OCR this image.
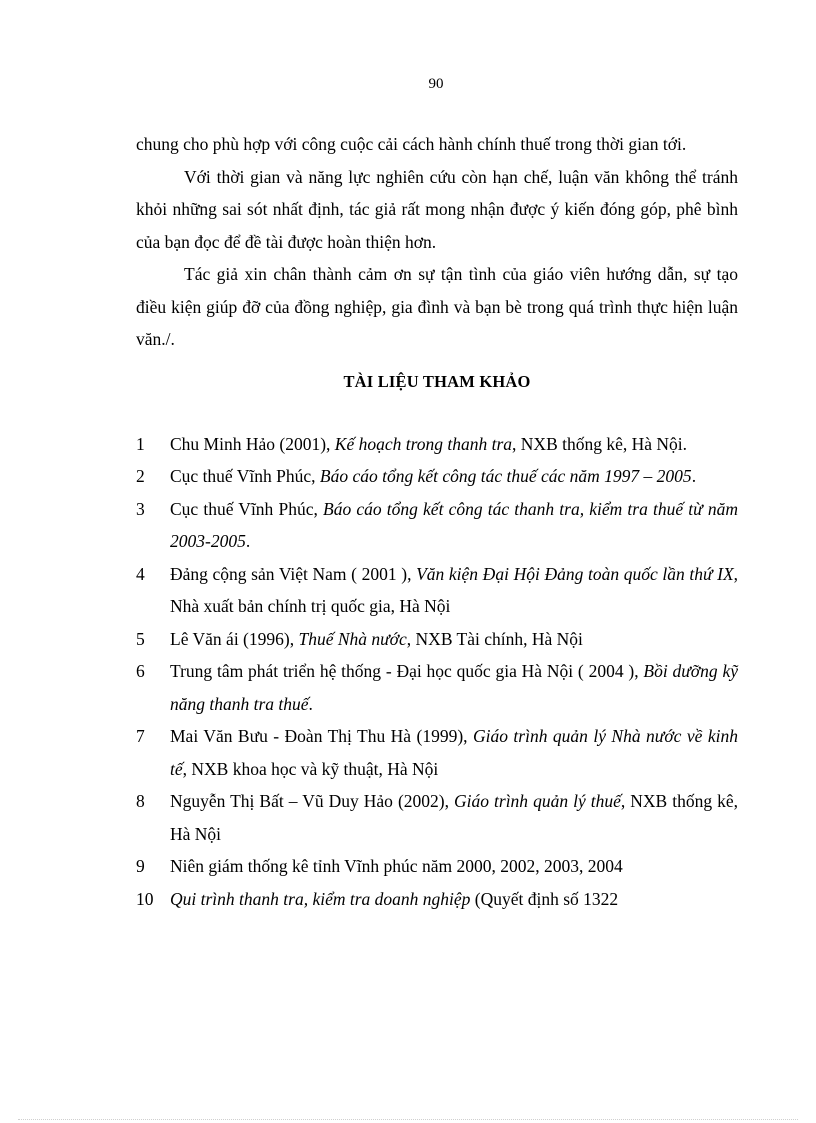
90

chung cho phù hợp với công cuộc cải cách hành chính thuế trong thời gian tới.

Với thời gian và năng lực nghiên cứu còn hạn chế, luận văn không thể tránh khỏi những sai sót nhất định, tác giả rất mong nhận được ý kiến đóng góp, phê bình của bạn đọc để đề tài được hoàn thiện hơn.

Tác giả xin chân thành cảm ơn sự tận tình của giáo viên hướng dẫn, sự tạo điều kiện giúp đỡ của đồng nghiệp, gia đình và bạn bè trong quá trình thực hiện luận văn./.

TÀI LIỆU THAM KHẢO
1 Chu Minh Hảo (2001), Kế hoạch trong thanh tra, NXB thống kê, Hà Nội.
2 Cục thuế Vĩnh Phúc, Báo cáo tổng kết công tác thuế các năm 1997 – 2005.
3 Cục thuế Vĩnh Phúc, Báo cáo tổng kết công tác thanh tra, kiểm tra thuế từ năm 2003-2005.
4 Đảng cộng sản Việt Nam ( 2001 ), Văn kiện Đại Hội Đảng toàn quốc lần thứ IX, Nhà xuất bản chính trị quốc gia, Hà Nội
5 Lê Văn ái (1996), Thuế Nhà nước, NXB Tài chính, Hà Nội
6 Trung tâm phát triển hệ thống - Đại học quốc gia Hà Nội ( 2004 ), Bồi dưỡng kỹ năng thanh tra thuế.
7 Mai Văn Bưu - Đoàn Thị Thu Hà (1999), Giáo trình quản lý Nhà nước về kinh tế, NXB khoa học và kỹ thuật, Hà Nội
8 Nguyễn Thị Bất – Vũ Duy Hảo (2002), Giáo trình quản lý thuế, NXB thống kê, Hà Nội
9 Niên giám thống kê tỉnh Vĩnh phúc năm 2000, 2002, 2003, 2004
10 Qui trình thanh tra, kiểm tra doanh nghiệp (Quyết định số 1322
